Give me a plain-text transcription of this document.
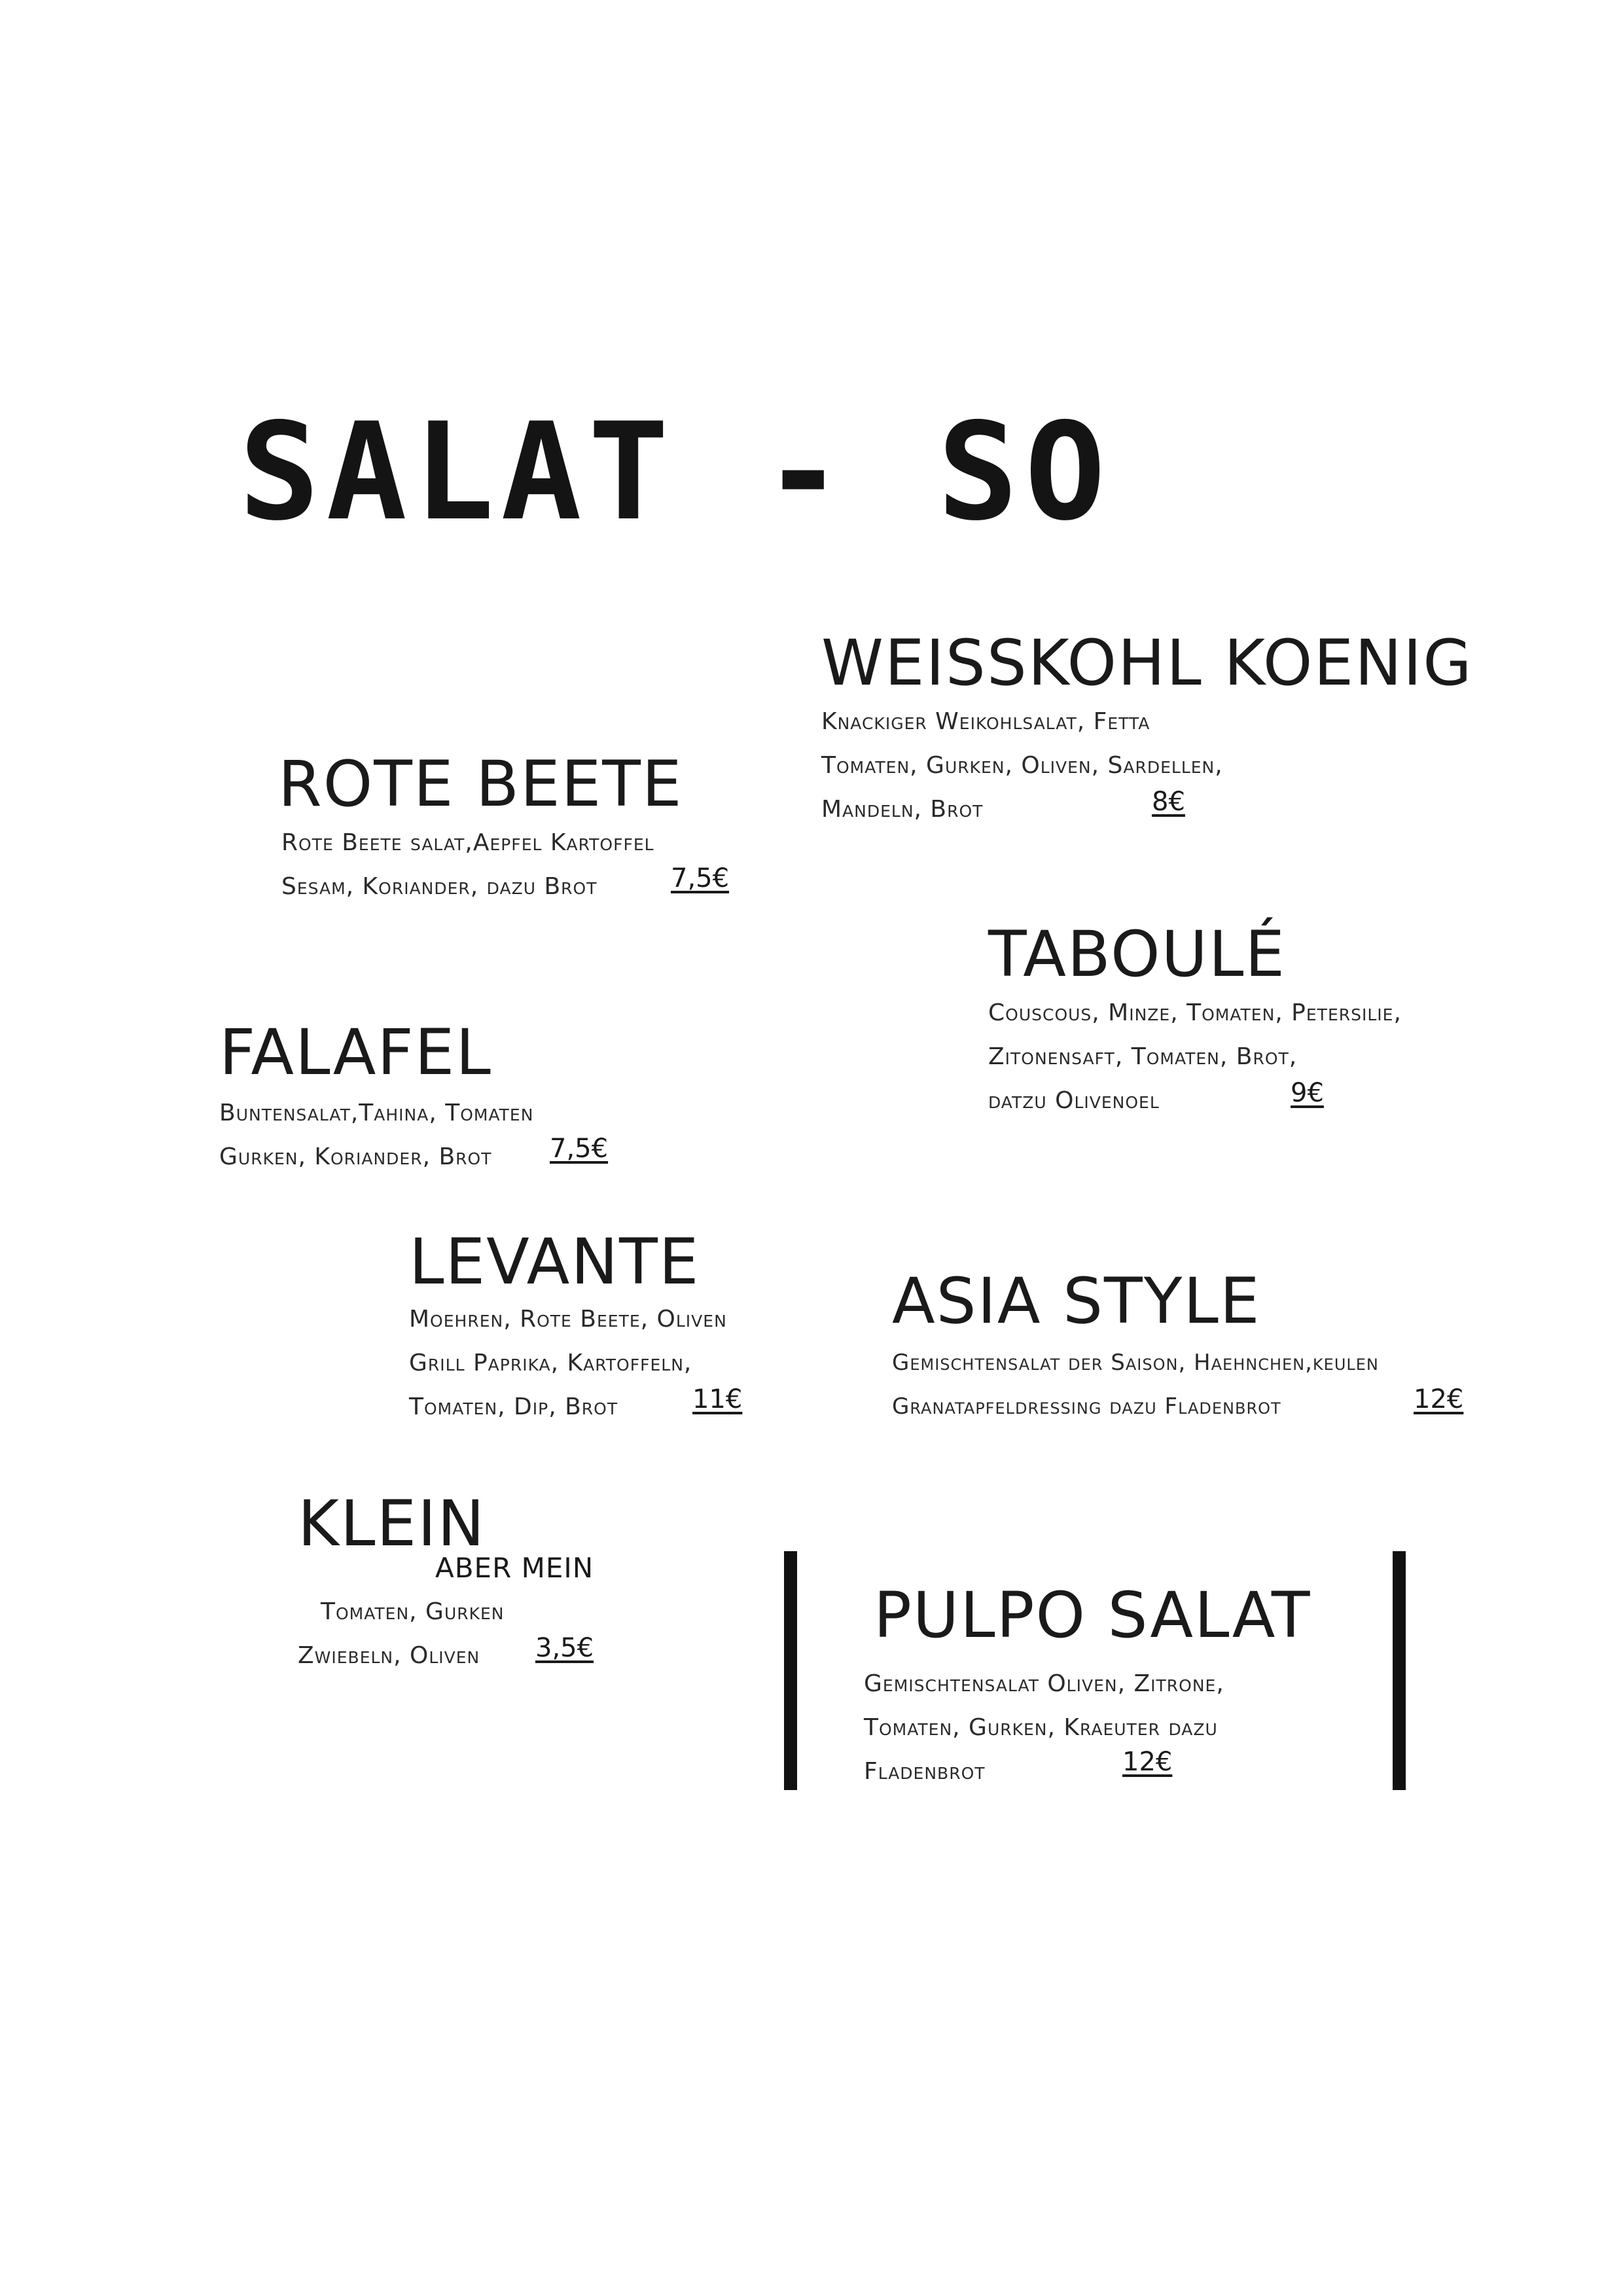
SALAT - SO
WEISSKOHL KOENIG
Knackiger Weikohlsalat, Fetta
Tomaten, Gurken, Oliven, Sardellen,
Mandeln, Brot	8€
ROTE BEETE
Rote Beete salat,Aepfel Kartoffel
Sesam, Koriander, dazu Brot	7,5€
TABOULÉ
Couscous, Minze, Tomaten, Petersilie,
Zitonensaft, Tomaten, Brot,
datzu Olivenoel	9€
FALAFEL
Buntensalat,Tahina, Tomaten
Gurken, Koriander, Brot 7,5€
LEVANTE
Moehren, Rote Beete, Oliven
Grill Paprika, Kartoffeln,
Tomaten, Dip, Brot	11€
ASIA STYLE
Gemischtensalat der Saison, Haehnchen,keulen
Granatapfeldressing dazu Fladenbrot	12€
KLEIN
ABER MEIN
Tomaten, Gurken
Zwiebeln, Oliven 3,5€	PULPO SALAT
Gemischtensalat Oliven, Zitrone,
Tomaten, Gurken, Kraeuter dazu
Fladenbrot	12€
